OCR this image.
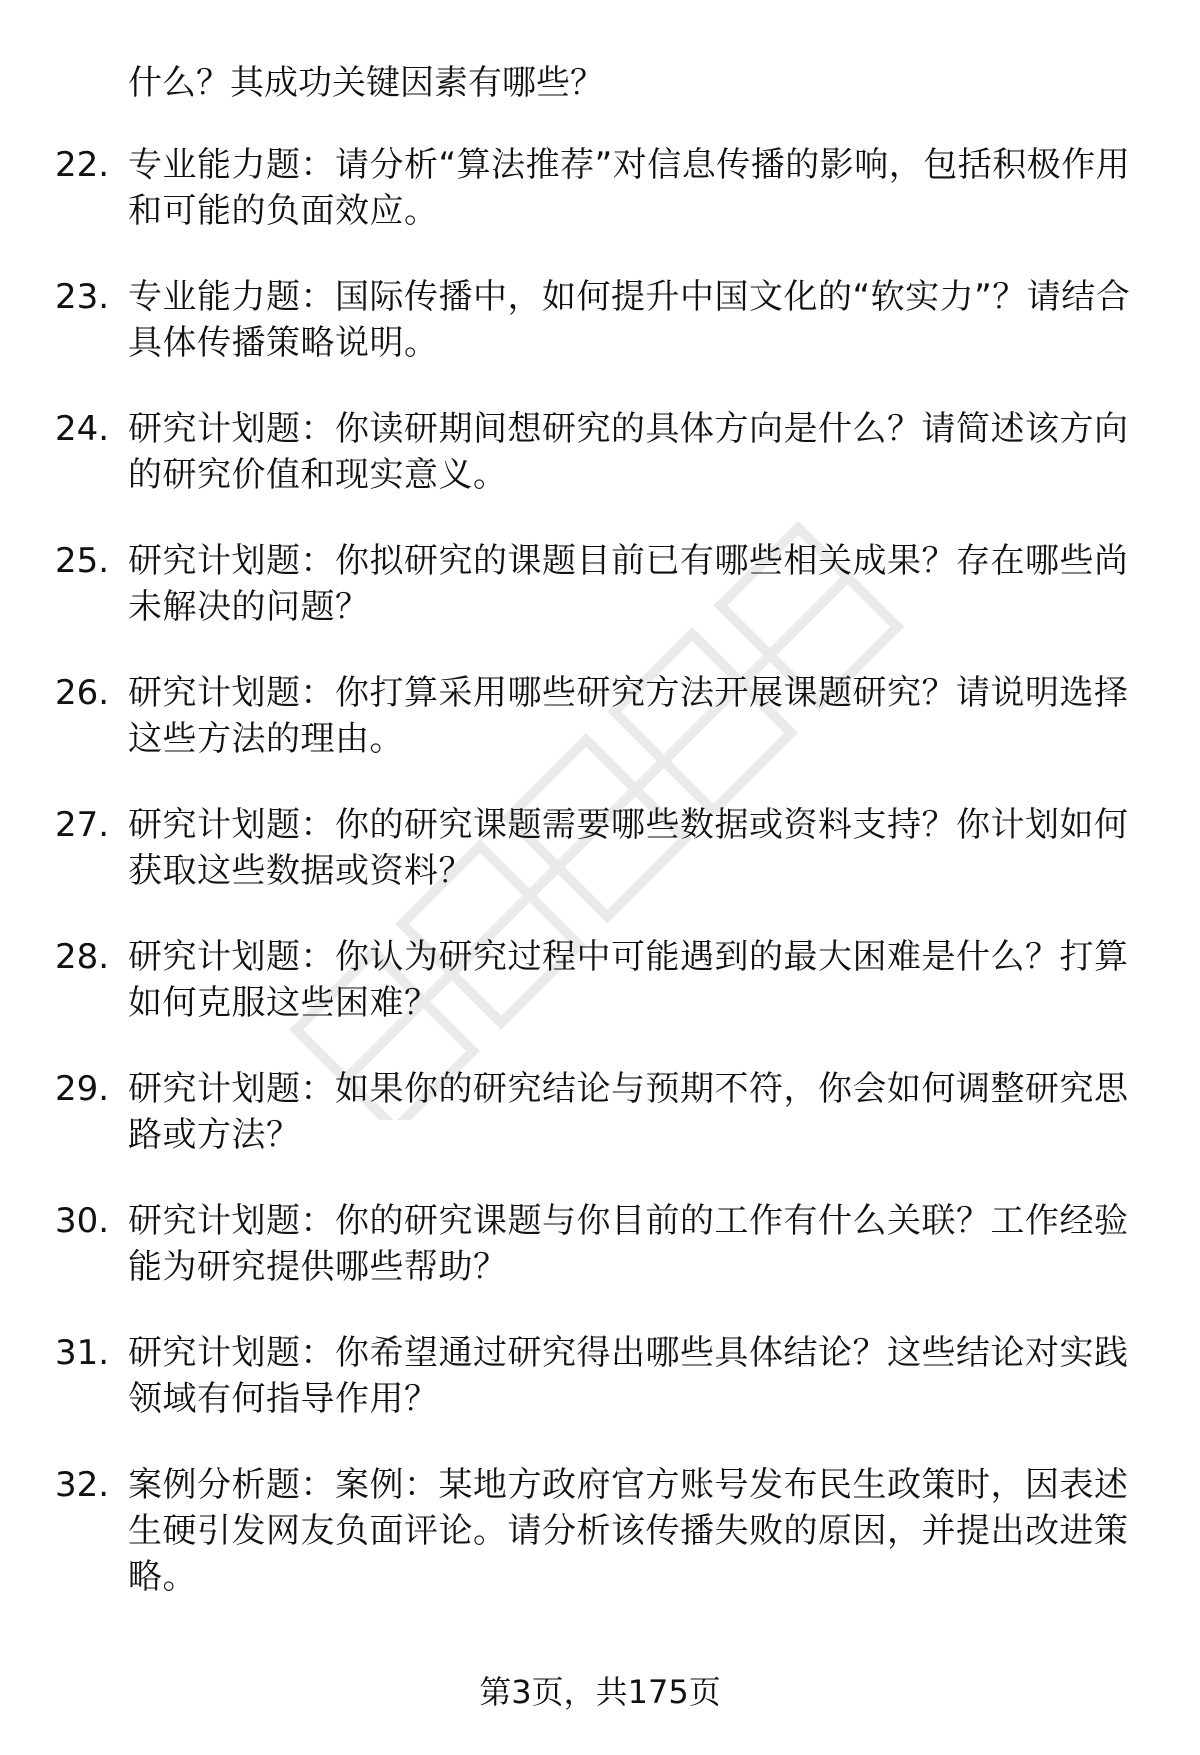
什么？其成功关键因素有哪些？
22. 专业能力题：请分析“算法推荐”对信息传播的影响，包括积极作用和可能的负面效应。
23. 专业能力题：国际传播中，如何提升中国文化的“软实力”？请结合具体传播策略说明。
24. 研究计划题：你读研期间想研究的具体方向是什么？请简述该方向的研究价值和现实意义。
25. 研究计划题：你拟研究的课题目前已有哪些相关成果？存在哪些尚未解决的问题？
26. 研究计划题：你打算采用哪些研究方法开展课题研究？请说明选择这些方法的理由。
27. 研究计划题：你的研究课题需要哪些数据或资料支持？你计划如何获取这些数据或资料？
28. 研究计划题：你认为研究过程中可能遇到的最大困难是什么？打算如何克服这些困难？
29. 研究计划题：如果你的研究结论与预期不符，你会如何调整研究思路或方法？
30. 研究计划题：你的研究课题与你目前的工作有什么关联？工作经验能为研究提供哪些帮助？
31. 研究计划题：你希望通过研究得出哪些具体结论？这些结论对实践领域有何指导作用？
32. 案例分析题：案例：某地方政府官方账号发布民生政策时，因表述生硬引发网友负面评论。请分析该传播失败的原因，并提出改进策略。
第3页，共175页
